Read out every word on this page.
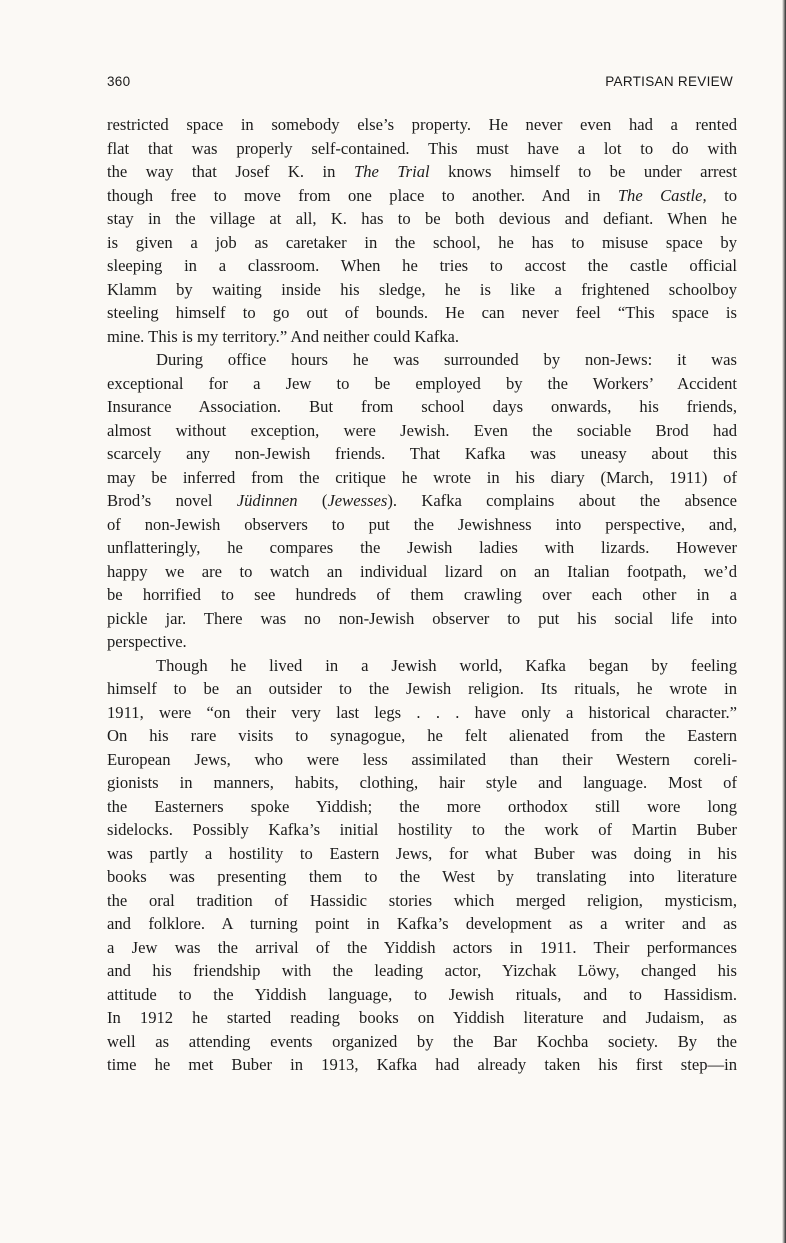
360	PARTISAN REVIEW
restricted space in somebody else’s property. He never even had a rented
flat that was properly self-contained. This must have a lot to do with
the way that Josef K. in The Trial knows himself to be under arrest
though free to move from one place to another. And in The Castle, to
stay in the village at all, K. has to be both devious and defiant. When he
is given a job as caretaker in the school, he has to misuse space by
sleeping in a classroom. When he tries to accost the castle official
Klamm by waiting inside his sledge, he is like a frightened schoolboy
steeling himself to go out of bounds. He can never feel “This space is
mine. This is my territory.” And neither could Kafka.
During office hours he was surrounded by non-Jews: it was
exceptional for a Jew to be employed by the Workers’ Accident
Insurance Association. But from school days onwards, his friends,
almost without exception, were Jewish. Even the sociable Brod had
scarcely any non-Jewish friends. That Kafka was uneasy about this
may be inferred from the critique he wrote in his diary (March, 1911) of
Brod’s novel Jüdinnen (Jewesses). Kafka complains about the absence
of non-Jewish observers to put the Jewishness into perspective, and,
unflatteringly, he compares the Jewish ladies with lizards. However
happy we are to watch an individual lizard on an Italian footpath, we’d
be horrified to see hundreds of them crawling over each other in a
pickle jar. There was no non-Jewish observer to put his social life into
perspective.
Though he lived in a Jewish world, Kafka began by feeling
himself to be an outsider to the Jewish religion. Its rituals, he wrote in
1911, were “on their very last legs . . . have only a historical character.”
On his rare visits to synagogue, he felt alienated from the Eastern
European Jews, who were less assimilated than their Western coreli-
gionists in manners, habits, clothing, hair style and language. Most of
the Easterners spoke Yiddish; the more orthodox still wore long
sidelocks. Possibly Kafka’s initial hostility to the work of Martin Buber
was partly a hostility to Eastern Jews, for what Buber was doing in his
books was presenting them to the West by translating into literature
the oral tradition of Hassidic stories which merged religion, mysticism,
and folklore. A turning point in Kafka’s development as a writer and as
a Jew was the arrival of the Yiddish actors in 1911. Their performances
and his friendship with the leading actor, Yizchak Löwy, changed his
attitude to the Yiddish language, to Jewish rituals, and to Hassidism.
In 1912 he started reading books on Yiddish literature and Judaism, as
well as attending events organized by the Bar Kochba society. By the
time he met Buber in 1913, Kafka had already taken his first step—in
